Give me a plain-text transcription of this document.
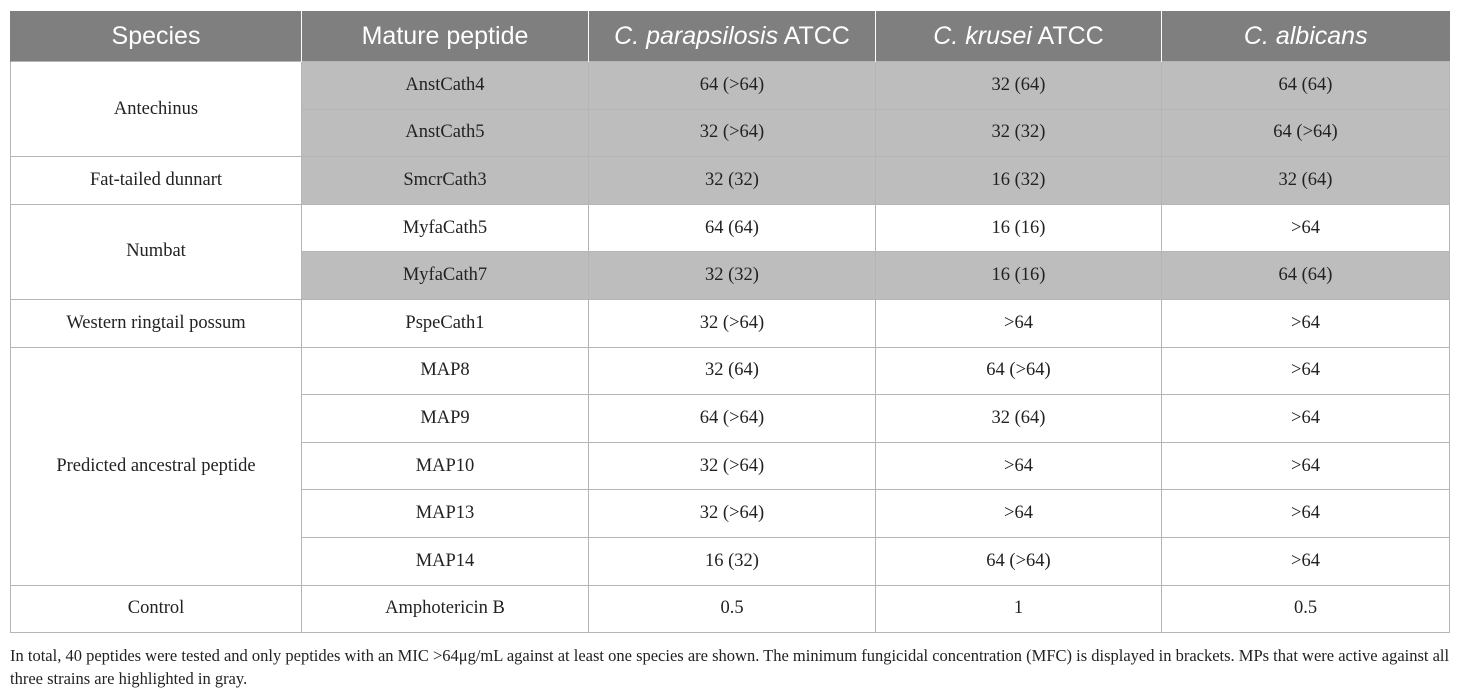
Species	Mature peptide	C. parapsilosis ATCC	C. krusei ATCC	C. albicans
Antechinus	AnstCath4	64 (>64)	32 (64)	64 (64)
	AnstCath5	32 (>64)	32 (32)	64 (>64)
Fat-tailed dunnart	SmcrCath3	32 (32)	16 (32)	32 (64)
Numbat	MyfaCath5	64 (64)	16 (16)	>64
	MyfaCath7	32 (32)	16 (16)	64 (64)
Western ringtail possum	PspeCath1	32 (>64)	>64	>64
Predicted ancestral peptide	MAP8	32 (64)	64 (>64)	>64
	MAP9	64 (>64)	32 (64)	>64
	MAP10	32 (>64)	>64	>64
	MAP13	32 (>64)	>64	>64
	MAP14	16 (32)	64 (>64)	>64
Control	Amphotericin B	0.5	1	0.5
In total, 40 peptides were tested and only peptides with an MIC >64μg/mL against at least one species are shown. The minimum fungicidal concentration (MFC) is displayed in brackets. MPs that were active against all three strains are highlighted in gray.
